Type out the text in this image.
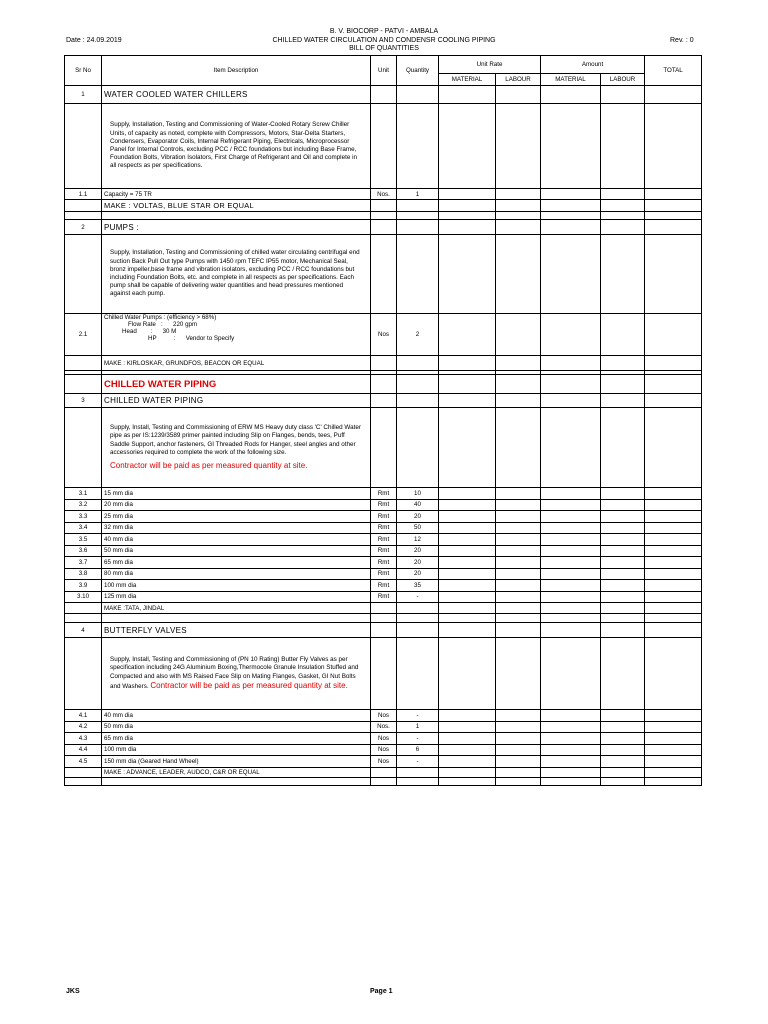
B. V. BIOCORP - PATVI - AMBALA
CHILLED WATER CIRCULATION AND CONDENSR COOLING PIPING
BILL OF QUANTITIES
Date : 24.09.2019	Rev. : 0
Sr No	Item Description	Unit	Quantity	Unit Rate		Amount		TOTAL
				MATERIAL	LABOUR	MATERIAL	LABOUR	
1	WATER COOLED WATER CHILLERS							
	Supply, Installation, Testing and Commissioning of Water-Cooled Rotary Screw Chiller Units, of capacity as noted, complete with Compressors, Motors, Star-Delta Starters, Condensers, Evaporator Coils, Internal Refrigerant Piping, Electricals, Microprocessor Panel for Internal Controls, excluding PCC / RCC foundations but including Base Frame, Foundation Bolts, Vibration Isolators, First Charge of Refrigerant and Oil and complete in all respects as per specifications.							
1.1	Capacity = 75 TR	Nos.	1					
	MAKE : VOLTAS, BLUE STAR OR EQUAL							

2	PUMPS :							
	Supply, Installation, Testing and Commissioning of chilled water circulating centrifugal end suction Back Pull Out type Pumps with 1450 rpm TEFC IP55 motor, Mechanical Seal, bronz impeller,base frame and vibration isolators, excluding PCC / RCC foundations but including Foundation Bolts, etc. and complete in all respects as per specifications. Each pump shall be capable of delivering water quantities and head pressures mentioned against each pump.							
2.1	Chilled Water Pumps : (efficiency > 68%)
Flow Rate   :      220 gpm
Head        :      30 M
HP          :      Vendor to Specify	Nos	2					
	MAKE : KIRLOSKAR, GRUNDFOS, BEACON OR EQUAL							

	CHILLED WATER PIPING							
3	CHILLED WATER PIPING							

	Supply, Install, Testing and Commissioning of ERW MS Heavy duty class 'C' Chilled Water pipe as per IS:1239/3589 primer painted including Slip on Flanges, bends, tees, Puff Saddle Support, anchor fasteners, GI Threaded Rods for Hanger, steel angles and other accessories required to complete the work of the following size.
Contractor will be paid as per measured quantity at site.							

3.1	15 mm dia	Rmt	10					
3.2	20 mm dia	Rmt	40					
3.3	25 mm dia	Rmt	20					
3.4	32 mm dia	Rmt	50					
3.5	40 mm dia	Rmt	12					
3.6	50 mm dia	Rmt	20					
3.7	65 mm dia	Rmt	20					
3.8	80 mm dia	Rmt	20					
3.9	100 mm dia	Rmt	35					
3.10	125 mm dia	Rmt	-					
	MAKE :TATA, JINDAL							

4	BUTTERFLY VALVES							
	Supply, Install, Testing and Commissioning of (PN 10 Rating) Butter Fly Valves as per specification including 24G Aluminium Boxing,Thermocole Granule Insulation Stuffed and Compacted and also with MS Raised Face Slip on Mating Flanges, Gasket, GI Nut Bolts and Washers. Contractor will be paid as per measured quantity at site.							
4.1	40 mm dia	Nos	-					
4.2	50 mm dia	Nos.	1					
4.3	65 mm dia	Nos	-					
4.4	100 mm dia	Nos	6					
4.5	150 mm dia (Geared Hand Wheel)	Nos	-					
	MAKE : ADVANCE, LEADER, AUDCO, C&R OR EQUAL							

JKS	Page 1
